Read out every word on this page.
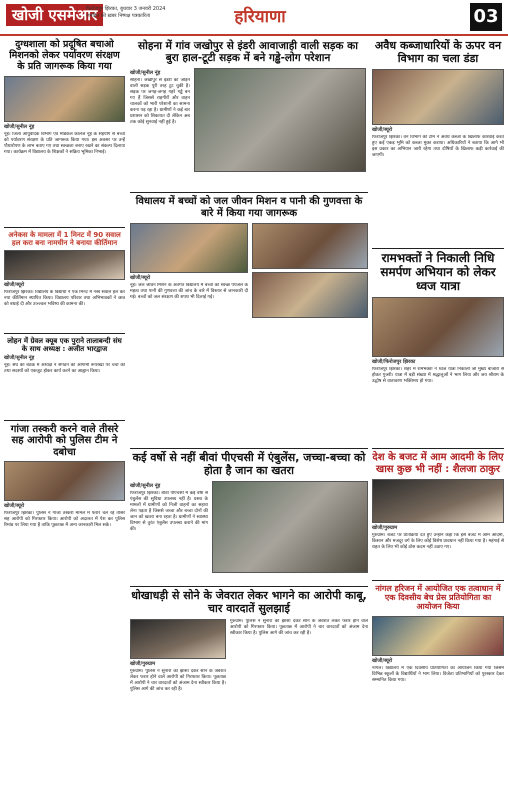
खोजी एसमेआर
फिरोजपुर झिरका, बुधवार 3 जनवरी 2024
जनहित की ख़बर निष्पक्ष पत्रकारिता	हरियाणा	03
दुग्धशाला को प्रदूषित बचाओ मिशनको लेकर पर्यावरण संरक्षण के प्रति जागरूक किया गया
खोजी/सुनील नूंह
नूंह। जिला आयुर्वेदिक विभाग एवं मेडिकल कॉलेज नूंह के सहयोग से बच्चों को पर्यावरण संरक्षण के प्रति जागरूक किया गया। इस अवसर पर उन्हें पौधारोपण के लाभ बताए गए तथा स्वच्छता बनाए रखने का संकल्प दिलाया गया। कार्यक्रम में विद्यालय के शिक्षकों ने सक्रिय भूमिका निभाई।
अनेकस के मामला में 1 मिनट में 90 सवाल हल करा बना नामचीन ने बनाया कीर्तिमान
खोजी/ब्यूरो
फिरोजपुर झिरका। विद्यालय के विद्यार्थी ने एक मिनट में नब्बे सवाल हल कर नया कीर्तिमान स्थापित किया। विद्यालय परिवार तथा अभिभावकों ने छात्र को बधाई दी और उज्ज्वल भविष्य की कामना की।
लोहन में ग्रेवल क्यूब एक पुराने तालाबन्दी संघ के साथ अध्यक्ष : अजीत भारद्वाज
खोजी/सुनील नूंह
नूंह। संघ की बैठक में अध्यक्ष ने संगठन की आगामी रूपरेखा पर चर्चा की तथा सदस्यों को एकजुट होकर कार्य करने का आह्वान किया।
गांजा तस्करी करने वाले तीसरे सह आरोपी को पुलिस टीम ने दबोचा
खोजी/ब्यूरो
फिरोजपुर झिरका। पुलिस ने गांजा तस्करी मामले में फरार चल रहे तीसरे सह आरोपी को गिरफ्तार किया। आरोपी को अदालत में पेश कर पुलिस रिमांड पर लिया गया है ताकि पूछताछ में अन्य जानकारी मिल सके।
सोहना में गांव जखोपुर से इंडरी आवाजाही वाली सड़क का बुरा हाल-टूटी सड़क में बने गड्ढे-लोग परेशान
खोजी/सुनील नूंह
सोहना। जखोपुर से इंडरी को जोड़ने वाली सड़क पूरी तरह टूट चुकी है। सड़क पर जगह-जगह गहरे गड्ढे बन गए हैं जिससे राहगीरों और वाहन चालकों को भारी परेशानी का सामना करना पड़ रहा है। ग्रामीणों ने कई बार प्रशासन को शिकायत दी लेकिन अब तक कोई सुनवाई नहीं हुई है।
अवैध कब्जाधारियों के ऊपर वन विभाग का चला डंडा
खोजी/ब्यूरो
फिरोजपुर झिरका। वन विभाग की टीम ने अवैध कब्जों के खिलाफ कार्रवाई करते हुए कई एकड़ भूमि को कब्जा मुक्त कराया। अधिकारियों ने बताया कि आगे भी इस प्रकार का अभियान जारी रहेगा तथा दोषियों के खिलाफ कड़ी कार्रवाई की जाएगी।
विधालय में बच्चों को जल जीवन मिशन व पानी की गुणवत्ता के बारे में किया गया जागरूक
खोजी/ब्यूरो
नूंह। जल जीवन मिशन के अंतर्गत विद्यालय में बच्चों को स्वच्छ पेयजल के महत्व तथा पानी की गुणवत्ता की जांच के बारे में विस्तार से जानकारी दी गई। बच्चों को जल संरक्षण की शपथ भी दिलाई गई।
रामभक्तों ने निकाली निधि समर्पण अभियान को लेकर ध्वज यात्रा
खोजी/फिरोजपुर झिरका
फिरोजपुर झिरका। शहर में रामभक्तों ने ध्वज यात्रा निकाली जो मुख्य बाजारों से होकर गुजरी। यात्रा में बड़ी संख्या में श्रद्धालुओं ने भाग लिया और जय श्रीराम के उद्घोष से वातावरण भक्तिमय हो गया।
कई वर्षो से नहीं बीवां पीएचसी में एंबुलेंस, जच्चा-बच्चा को होता है जान का खतरा
खोजी/सुनील नूंह
फिरोजपुर झिरका। बीवां पीएचसी में कई वर्षों से एंबुलेंस की सुविधा उपलब्ध नहीं है। प्रसव के मामलों में ग्रामीणों को निजी वाहनों का सहारा लेना पड़ता है जिससे जच्चा और बच्चा दोनों की जान को खतरा बना रहता है। ग्रामीणों ने स्वास्थ्य विभाग से तुरंत एंबुलेंस उपलब्ध कराने की मांग की।
देश के बजट में आम आदमी के लिए खास कुछ भी नहीं : शैलजा ठाकुर
खोजी/गुरुग्राम
गुरुग्राम। बजट पर प्रतिक्रिया देते हुए उन्होंने कहा कि इस बजट में आम आदमी, किसान और मजदूर वर्ग के लिए कोई विशेष प्रावधान नहीं किया गया है। महंगाई से राहत के लिए भी कोई ठोस कदम नहीं उठाए गए।
धोखाधड़ी से सोने के जेवरात लेकर भागने का आरोपी काबू, चार वारदातें सुलझाई
खोजी/गुरुग्राम
गुरुग्राम। पुलिस ने सुनारों को झांसा देकर सोने के जेवरात लेकर फरार होने वाले आरोपी को गिरफ्तार किया। पूछताछ में आरोपी ने चार वारदातों को अंजाम देना स्वीकार किया है। पुलिस आगे की जांच कर रही है।
गुरुग्राम। पुलिस ने सुनारों को झांसा देकर सोने के जेवरात लेकर फरार होने वाले आरोपी को गिरफ्तार किया। पूछताछ में आरोपी ने चार वारदातों को अंजाम देना स्वीकार किया है। पुलिस आगे की जांच कर रही है।
नांगल हरिजन में आयोजित एक तत्वाधान में एक दिवसीय बेच प्रेस प्रतियोगिता का आयोजन किया
खोजी/ब्यूरो
नांगल। विद्यालय में एक दिवसीय प्रतियोगिता का आयोजन किया गया जिसमें विभिन्न स्कूलों के विद्यार्थियों ने भाग लिया। विजेता प्रतिभागियों को पुरस्कार देकर सम्मानित किया गया।
